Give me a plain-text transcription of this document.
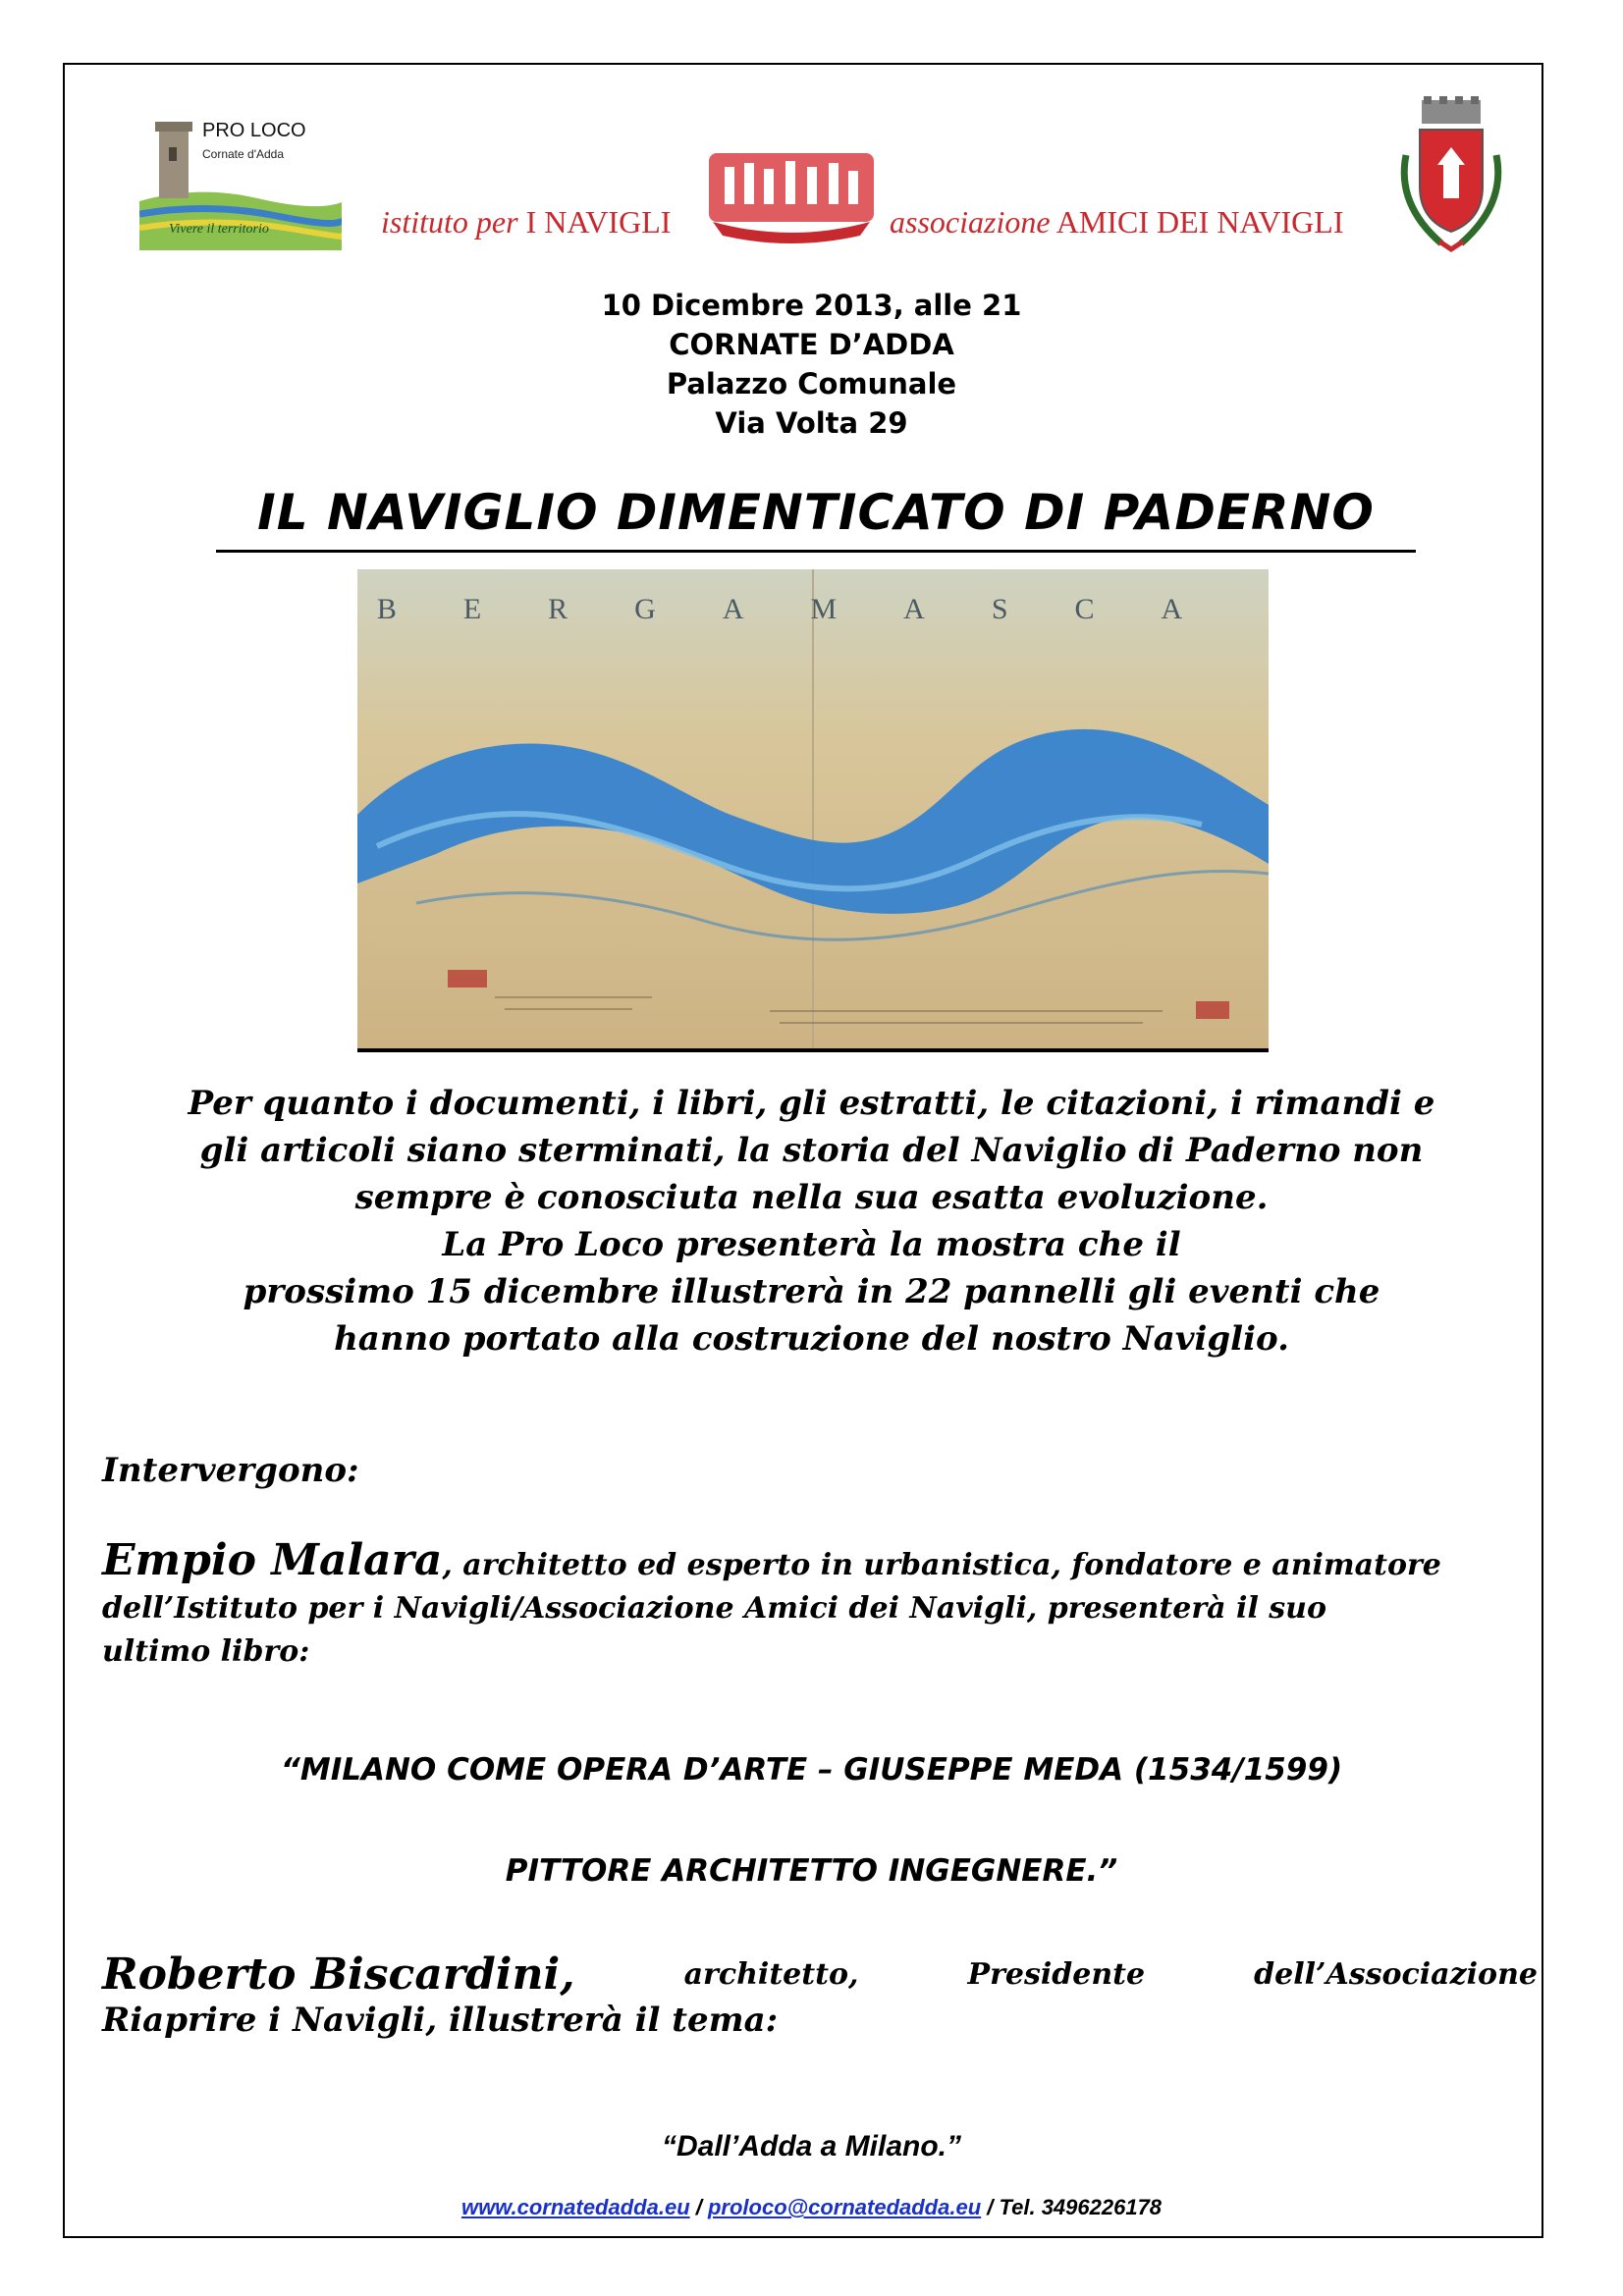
PRO LOCO
Cornate d'Adda
Vivere il territorio	istituto per I NAVIGLI	associazione AMICI DEI NAVIGLI
10 Dicembre 2013, alle 21
CORNATE D’ADDA
Palazzo Comunale
Via Volta 29
IL NAVIGLIO DIMENTICATO DI PADERNO
BERGAMASCA
Per quanto i documenti, i libri, gli estratti, le citazioni, i rimandi e
gli articoli siano sterminati, la storia del Naviglio di Paderno non
sempre è conosciuta nella sua esatta evoluzione.
La Pro Loco presenterà la mostra che il
prossimo 15 dicembre illustrerà in 22 pannelli gli eventi che
hanno portato alla costruzione del nostro Naviglio.
Intervergono:
Empio Malara, architetto ed esperto in urbanistica, fondatore e animatore
dell’Istituto per i Navigli/Associazione Amici dei Navigli, presenterà il suo
ultimo libro:
“MILANO COME OPERA D’ARTE – GIUSEPPE MEDA (1534/1599)
PITTORE ARCHITETTO INGEGNERE.”
Roberto Biscardini,	architetto,	Presidente	dell’Associazione
Riaprire i Navigli, illustrerà il tema:
“Dall’Adda a Milano.”
www.cornatedadda.eu / proloco@cornatedadda.eu / Tel. 3496226178
